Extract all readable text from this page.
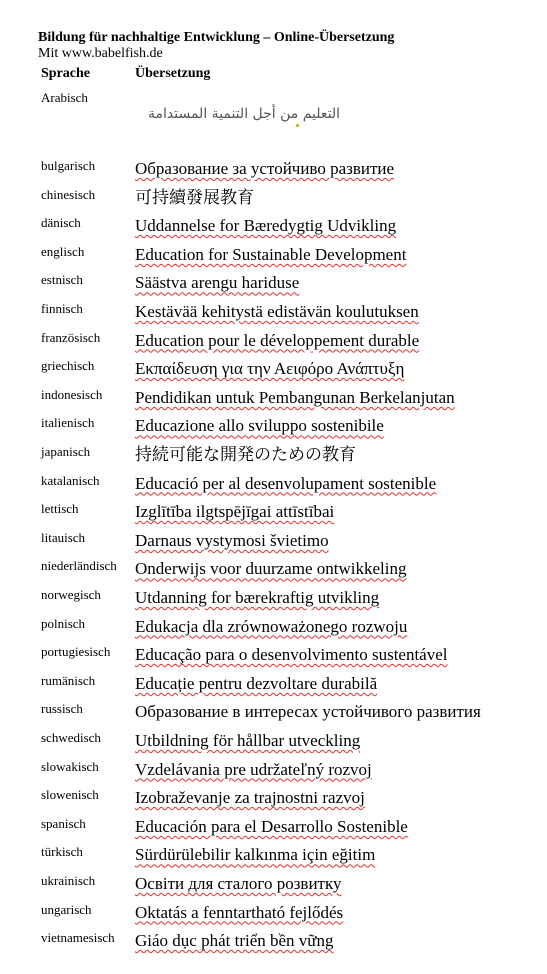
Bildung für nachhaltige Entwicklung – Online-Übersetzung
Mit www.babelfish.de
Sprache	Übersetzung
Arabisch
التعليم من أجل التنمية المستدامة
bulgarisch Образование за устойчиво развитие
chinesisch 可持續發展教育
dänisch	Uddannelse for Bæredygtig Udvikling
englisch	Education for Sustainable Development
estnisch	Säästva arengu hariduse
finnisch	Kestävää kehitystä edistävän koulutuksen
französisch Education pour le développement durable
griechisch Εκπαίδευση για την Αειφόρο Ανάπτυξη
indonesisch Pendidikan untuk Pembangunan Berkelanjutan
italienisch Educazione allo sviluppo sostenibile
japanisch	持続可能な開発のための教育
katalanisch Educació per al desenvolupament sostenible
lettisch	Izglītība ilgtspējīgai attīstībai
litauisch	Darnaus vystymosi švietimo
niederländisch Onderwijs voor duurzame ontwikkeling
norwegisch Utdanning for bærekraftig utvikling
polnisch	Edukacja dla zrównoważonego rozwoju
portugiesisch Educação para o desenvolvimento sustentável
rumänisch Educație pentru dezvoltare durabilă
russisch	Образование в интересах устойчивого развития
schwedisch Utbildning för hållbar utveckling
slowakisch Vzdelávania pre udržateľný rozvoj
slowenisch Izobraževanje za trajnostni razvoj
spanisch	Educación para el Desarrollo Sostenible
türkisch	Sürdürülebilir kalkınma için eğitim
ukrainisch Освіти для сталого розвитку
ungarisch	Oktatás a fenntartható fejlődés
vietnamesisch Giáo dục phát triển bền vững
